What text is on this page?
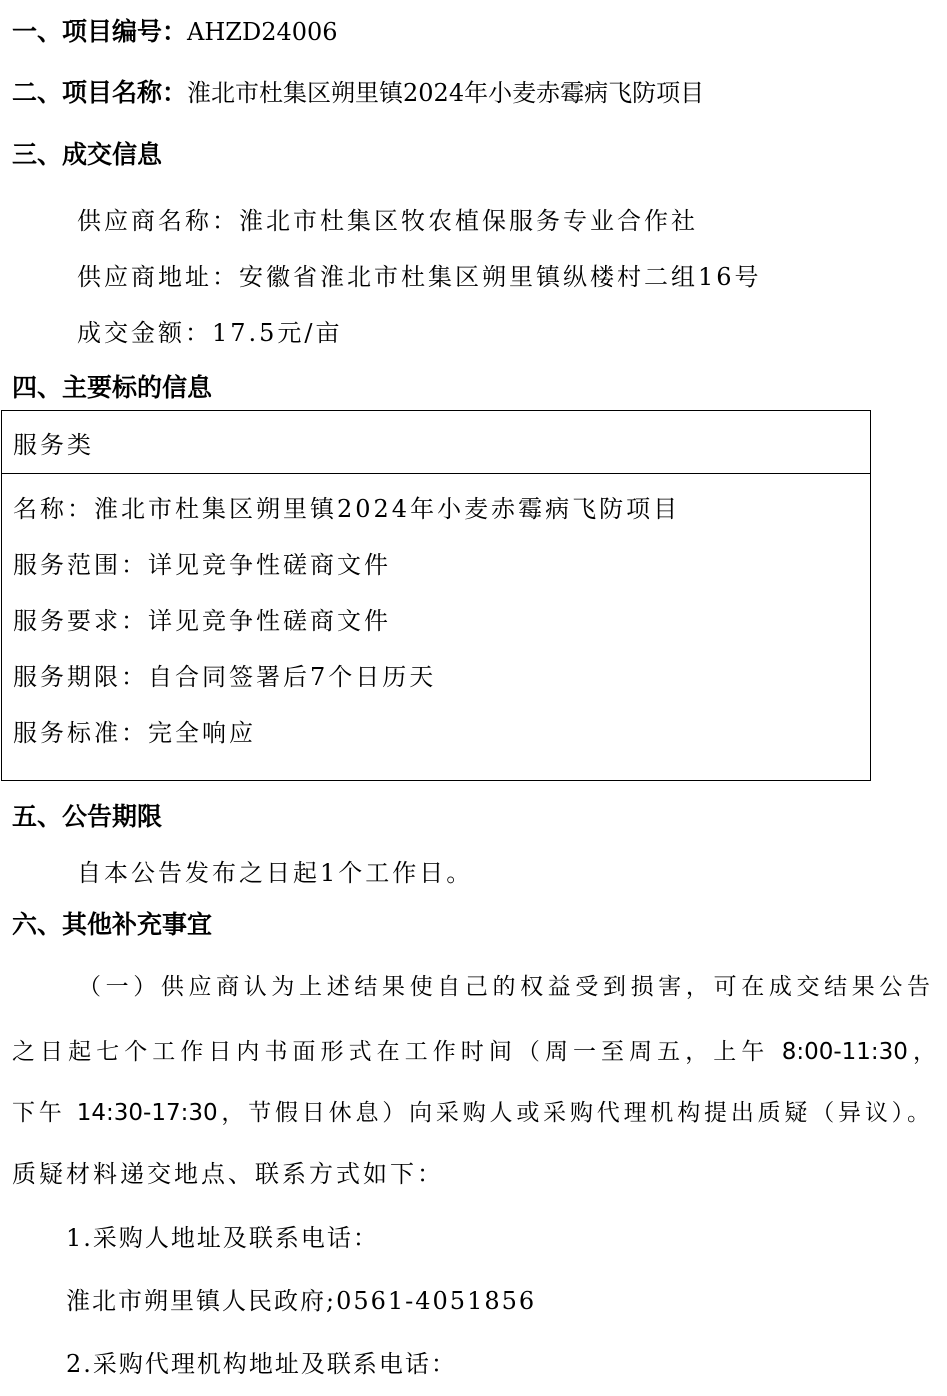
一、项目编号：AHZD24006
二、项目名称：淮北市杜集区朔里镇2024年小麦赤霉病飞防项目
三、成交信息
供应商名称：淮北市杜集区牧农植保服务专业合作社
供应商地址：安徽省淮北市杜集区朔里镇纵楼村二组16号
成交金额：17.5元/亩
四、主要标的信息
服务类
名称：淮北市杜集区朔里镇2024年小麦赤霉病飞防项目
服务范围：详见竞争性磋商文件
服务要求：详见竞争性磋商文件
服务期限：自合同签署后7个日历天
服务标准：完全响应
五、公告期限
自本公告发布之日起1个工作日。
六、其他补充事宜
（一）供应商认为上述结果使自己的权益受到损害，可在成交结果公告
之日起七个工作日内书面形式在工作时间（周一至周五，上午 8:00-11:30，
下午 14:30-17:30，节假日休息）向采购人或采购代理机构提出质疑（异议）。
质疑材料递交地点、联系方式如下：
1.采购人地址及联系电话：
淮北市朔里镇人民政府;0561-4051856
2.采购代理机构地址及联系电话：
